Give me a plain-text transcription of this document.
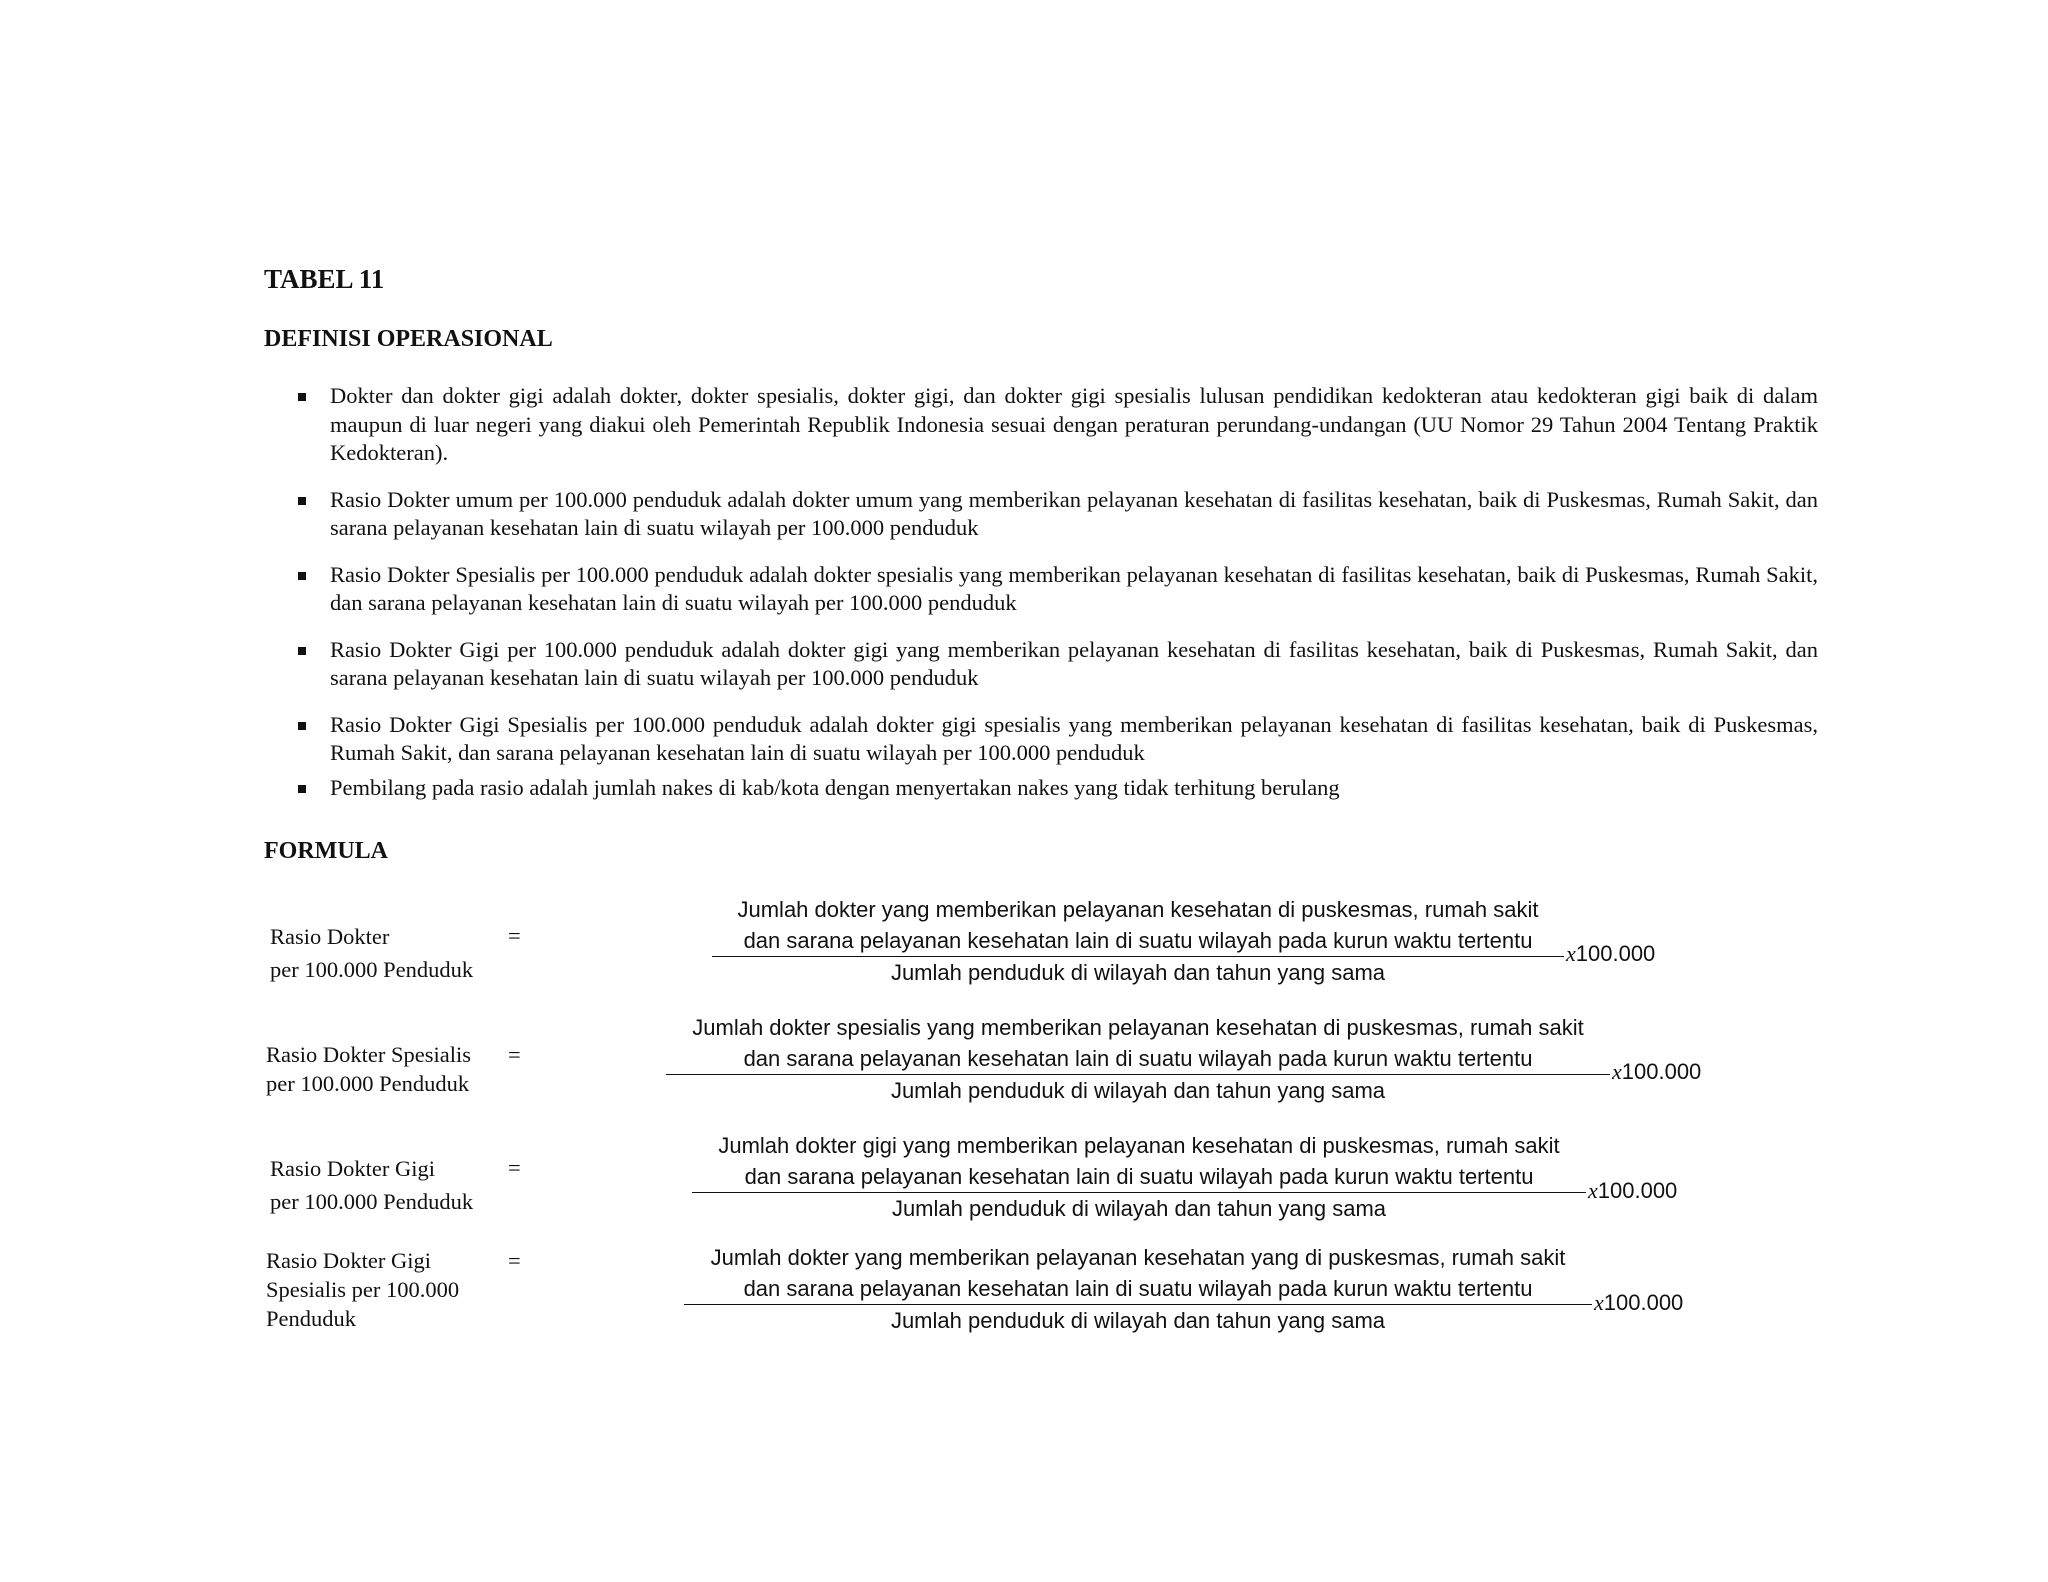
TABEL 11
DEFINISI OPERASIONAL
Dokter dan dokter gigi adalah dokter, dokter spesialis, dokter gigi, dan dokter gigi spesialis lulusan pendidikan kedokteran atau kedokteran gigi baik di dalam maupun di luar negeri yang diakui oleh Pemerintah Republik Indonesia sesuai dengan peraturan perundang-undangan (UU Nomor 29 Tahun 2004 Tentang Praktik Kedokteran).
Rasio Dokter umum per 100.000 penduduk adalah dokter umum yang memberikan pelayanan kesehatan di fasilitas kesehatan, baik di Puskesmas, Rumah Sakit, dan sarana pelayanan kesehatan lain di suatu wilayah per 100.000 penduduk
Rasio Dokter Spesialis per 100.000 penduduk adalah dokter spesialis yang memberikan pelayanan kesehatan di fasilitas kesehatan, baik di Puskesmas, Rumah Sakit, dan sarana pelayanan kesehatan lain di suatu wilayah per 100.000 penduduk
Rasio Dokter Gigi per 100.000 penduduk adalah dokter gigi yang memberikan pelayanan kesehatan di fasilitas kesehatan, baik di Puskesmas, Rumah Sakit, dan sarana pelayanan kesehatan lain di suatu wilayah per 100.000 penduduk
Rasio Dokter Gigi Spesialis per 100.000 penduduk adalah dokter gigi spesialis yang memberikan pelayanan kesehatan di fasilitas kesehatan, baik di Puskesmas, Rumah Sakit, dan sarana pelayanan kesehatan lain di suatu wilayah per 100.000 penduduk
Pembilang pada rasio adalah jumlah nakes di kab/kota dengan menyertakan nakes yang tidak terhitung berulang
FORMULA
Rasio Dokter
per 100.000 Penduduk
=
Jumlah dokter yang memberikan pelayanan kesehatan di puskesmas, rumah sakit
dan sarana pelayanan kesehatan lain di suatu wilayah pada kurun waktu tertentu
Jumlah penduduk di wilayah dan tahun yang sama
x100.000
Rasio Dokter Spesialis
per 100.000 Penduduk
=
Jumlah dokter spesialis yang memberikan pelayanan kesehatan di puskesmas, rumah sakit
dan sarana pelayanan kesehatan lain di suatu wilayah pada kurun waktu tertentu
Jumlah penduduk di wilayah dan tahun yang sama
x100.000
Rasio Dokter Gigi
per 100.000 Penduduk
=
Jumlah dokter gigi yang memberikan pelayanan kesehatan di puskesmas, rumah sakit
dan sarana pelayanan kesehatan lain di suatu wilayah pada kurun waktu tertentu
Jumlah penduduk di wilayah dan tahun yang sama
x100.000
Rasio Dokter Gigi
Spesialis per 100.000
Penduduk
=	Jumlah dokter yang memberikan pelayanan kesehatan yang di puskesmas, rumah sakit
dan sarana pelayanan kesehatan lain di suatu wilayah pada kurun waktu tertentu
Jumlah penduduk di wilayah dan tahun yang sama
x100.000
